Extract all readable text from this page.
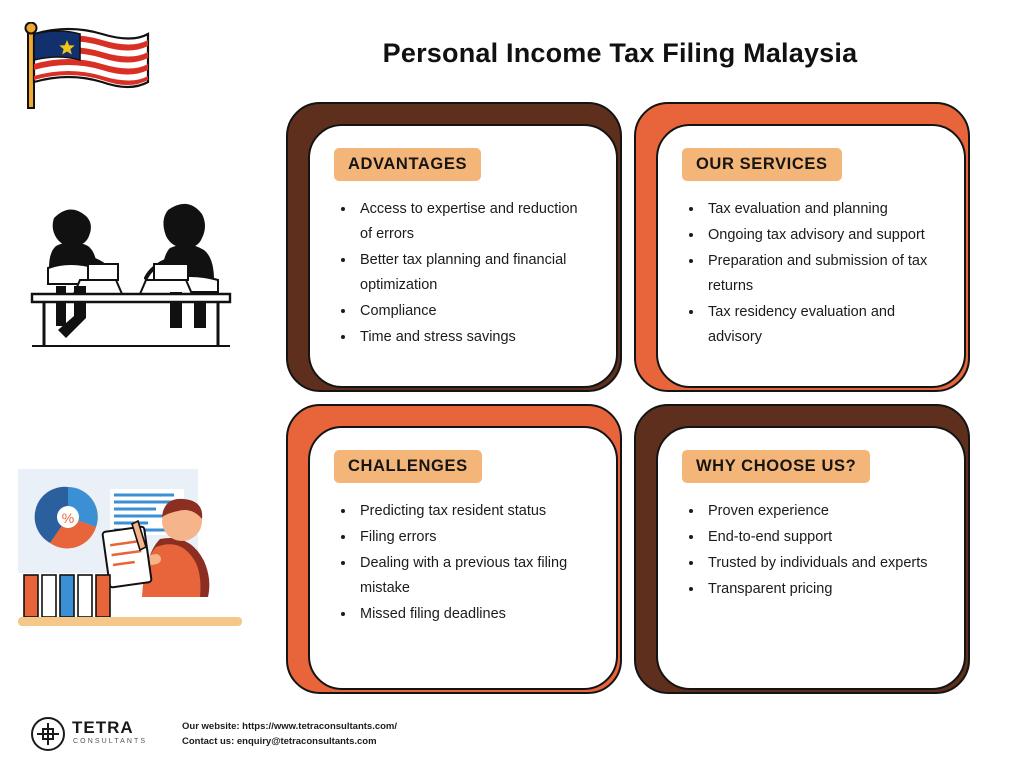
Personal Income Tax Filing Malaysia
%
ADVANTAGES
• Access to expertise and reduction of errors
• Better tax planning and financial optimization
• Compliance
• Time and stress savings
OUR SERVICES
• Tax evaluation and planning
• Ongoing tax advisory and support
• Preparation and submission of tax returns
• Tax residency evaluation and advisory
CHALLENGES
• Predicting tax resident status
• Filing errors
• Dealing with a previous tax filing mistake
• Missed filing deadlines
WHY CHOOSE US?
• Proven experience
• End-to-end support
• Trusted by individuals and experts
• Transparent pricing
TETRA
CONSULTANTS
Our website: https://www.tetraconsultants.com/
Contact us: enquiry@tetraconsultants.com
